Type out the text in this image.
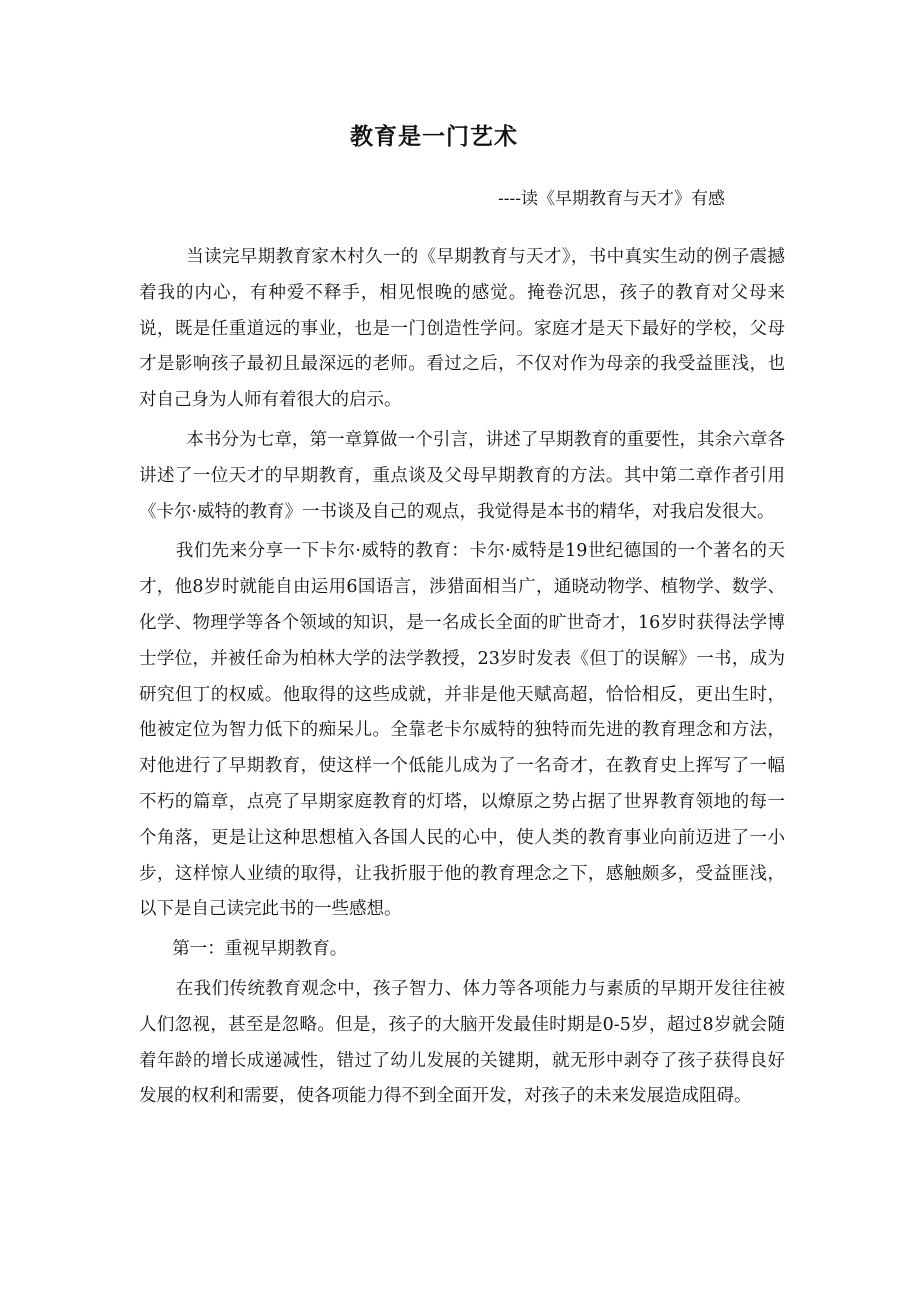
教育是一门艺术
----读《早期教育与天才》有感

当读完早期教育家木村久一的《早期教育与天才》，书中真实生动的例子震撼着我的内心，有种爱不释手，相见恨晚的感觉。掩卷沉思，孩子的教育对父母来说，既是任重道远的事业，也是一门创造性学问。家庭才是天下最好的学校，父母才是影响孩子最初且最深远的老师。看过之后，不仅对作为母亲的我受益匪浅，也对自己身为人师有着很大的启示。

本书分为七章，第一章算做一个引言，讲述了早期教育的重要性，其余六章各讲述了一位天才的早期教育，重点谈及父母早期教育的方法。其中第二章作者引用《卡尔·威特的教育》一书谈及自己的观点，我觉得是本书的精华，对我启发很大。

我们先来分享一下卡尔·威特的教育：卡尔·威特是19世纪德国的一个著名的天才，他8岁时就能自由运用6国语言，涉猎面相当广，通晓动物学、植物学、数学、化学、物理学等各个领域的知识，是一名成长全面的旷世奇才，16岁时获得法学博士学位，并被任命为柏林大学的法学教授，23岁时发表《但丁的误解》一书，成为研究但丁的权威。他取得的这些成就，并非是他天赋高超，恰恰相反，更出生时，他被定位为智力低下的痴呆儿。全靠老卡尔威特的独特而先进的教育理念和方法，对他进行了早期教育，使这样一个低能儿成为了一名奇才，在教育史上挥写了一幅不朽的篇章，点亮了早期家庭教育的灯塔，以燎原之势占据了世界教育领地的每一个角落，更是让这种思想植入各国人民的心中，使人类的教育事业向前迈进了一小步，这样惊人业绩的取得，让我折服于他的教育理念之下，感触颇多，受益匪浅，以下是自己读完此书的一些感想。

第一：重视早期教育。

在我们传统教育观念中，孩子智力、体力等各项能力与素质的早期开发往往被人们忽视，甚至是忽略。但是，孩子的大脑开发最佳时期是0-5岁，超过8岁就会随着年龄的增长成递减性，错过了幼儿发展的关键期，就无形中剥夺了孩子获得良好发展的权利和需要，使各项能力得不到全面开发，对孩子的未来发展造成阻碍。
